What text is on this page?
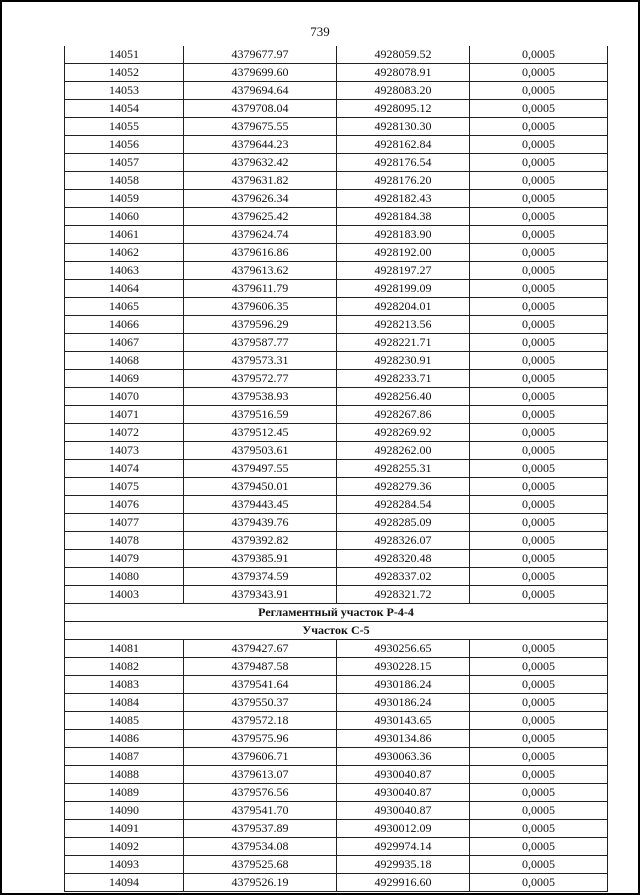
739
14051	4379677.97	4928059.52	0,0005
14052	4379699.60	4928078.91	0,0005
14053	4379694.64	4928083.20	0,0005
14054	4379708.04	4928095.12	0,0005
14055	4379675.55	4928130.30	0,0005
14056	4379644.23	4928162.84	0,0005
14057	4379632.42	4928176.54	0,0005
14058	4379631.82	4928176.20	0,0005
14059	4379626.34	4928182.43	0,0005
14060	4379625.42	4928184.38	0,0005
14061	4379624.74	4928183.90	0,0005
14062	4379616.86	4928192.00	0,0005
14063	4379613.62	4928197.27	0,0005
14064	4379611.79	4928199.09	0,0005
14065	4379606.35	4928204.01	0,0005
14066	4379596.29	4928213.56	0,0005
14067	4379587.77	4928221.71	0,0005
14068	4379573.31	4928230.91	0,0005
14069	4379572.77	4928233.71	0,0005
14070	4379538.93	4928256.40	0,0005
14071	4379516.59	4928267.86	0,0005
14072	4379512.45	4928269.92	0,0005
14073	4379503.61	4928262.00	0,0005
14074	4379497.55	4928255.31	0,0005
14075	4379450.01	4928279.36	0,0005
14076	4379443.45	4928284.54	0,0005
14077	4379439.76	4928285.09	0,0005
14078	4379392.82	4928326.07	0,0005
14079	4379385.91	4928320.48	0,0005
14080	4379374.59	4928337.02	0,0005
14003	4379343.91	4928321.72	0,0005
Регламентный участок Р-4-4
Участок С-5
14081	4379427.67	4930256.65	0,0005
14082	4379487.58	4930228.15	0,0005
14083	4379541.64	4930186.24	0,0005
14084	4379550.37	4930186.24	0,0005
14085	4379572.18	4930143.65	0,0005
14086	4379575.96	4930134.86	0,0005
14087	4379606.71	4930063.36	0,0005
14088	4379613.07	4930040.87	0,0005
14089	4379576.56	4930040.87	0,0005
14090	4379541.70	4930040.87	0,0005
14091	4379537.89	4930012.09	0,0005
14092	4379534.08	4929974.14	0,0005
14093	4379525.68	4929935.18	0,0005
14094	4379526.19	4929916.60	0,0005
